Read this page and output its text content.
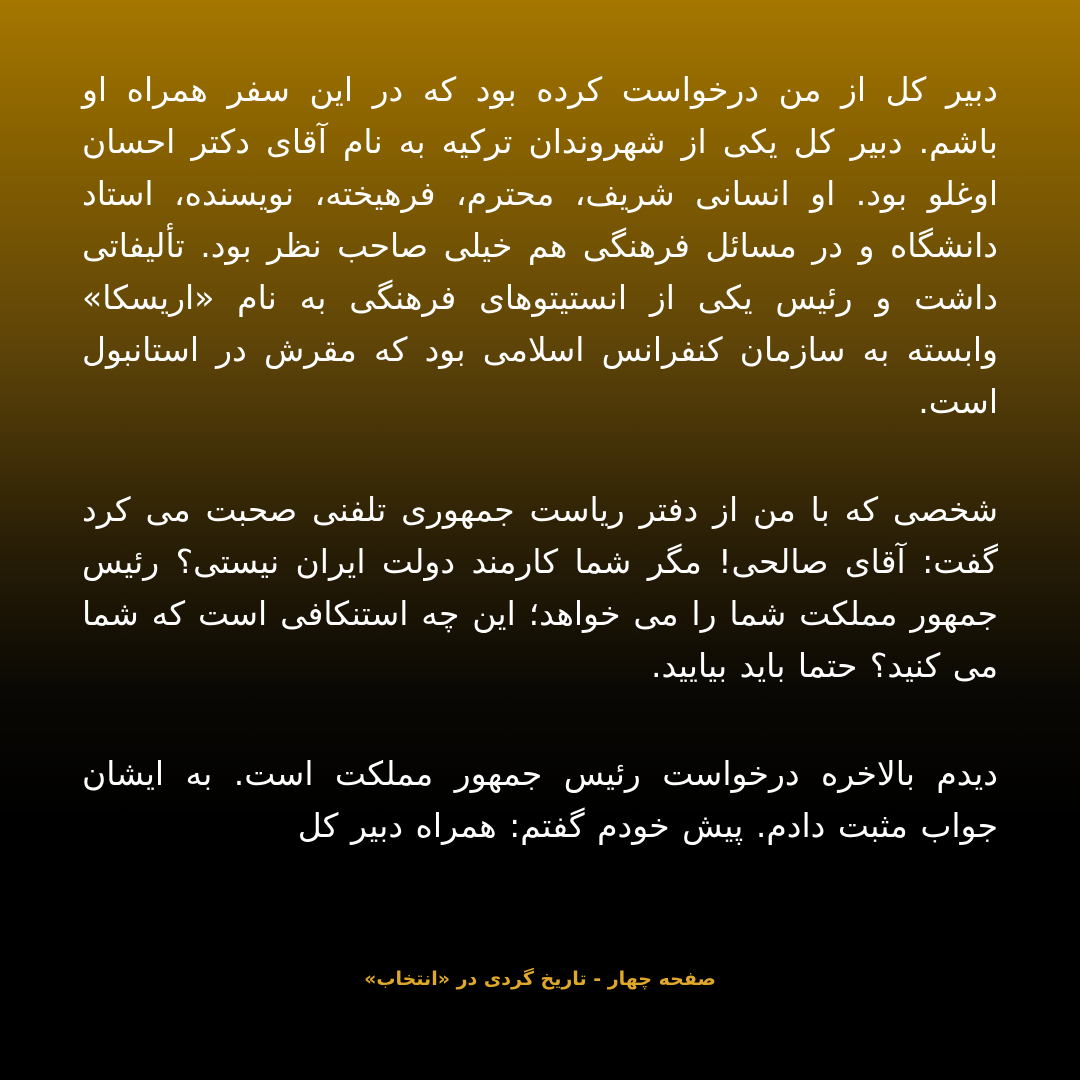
دبیر کل از من درخواست کرده بود که در این سفر همراه او باشم. دبیر کل یکی از شهروندان ترکیه به نام آقای دکتر احسان اوغلو بود. او انسانی شریف، محترم، فرهیخته، نویسنده، استاد دانشگاه و در مسائل فرهنگی هم خیلی صاحب نظر بود. تألیفاتی داشت و رئیس یکی از انستیتوهای فرهنگی به نام «اریسکا» وابسته به سازمان کنفرانس اسلامی بود که مقرش در استانبول است.

شخصی که با من از دفتر ریاست جمهوری تلفنی صحبت می کرد گفت: آقای صالحی! مگر شما کارمند دولت ایران نیستی؟ رئیس جمهور مملکت شما را می خواهد؛ این چه استنکافی است که شما می کنید؟ حتما باید بیایید.

دیدم بالاخره درخواست رئیس جمهور مملکت است. به ایشان جواب مثبت دادم. پیش خودم گفتم: همراه دبیر کل

صفحه چهار - تاریخ گردی در «انتخاب»
